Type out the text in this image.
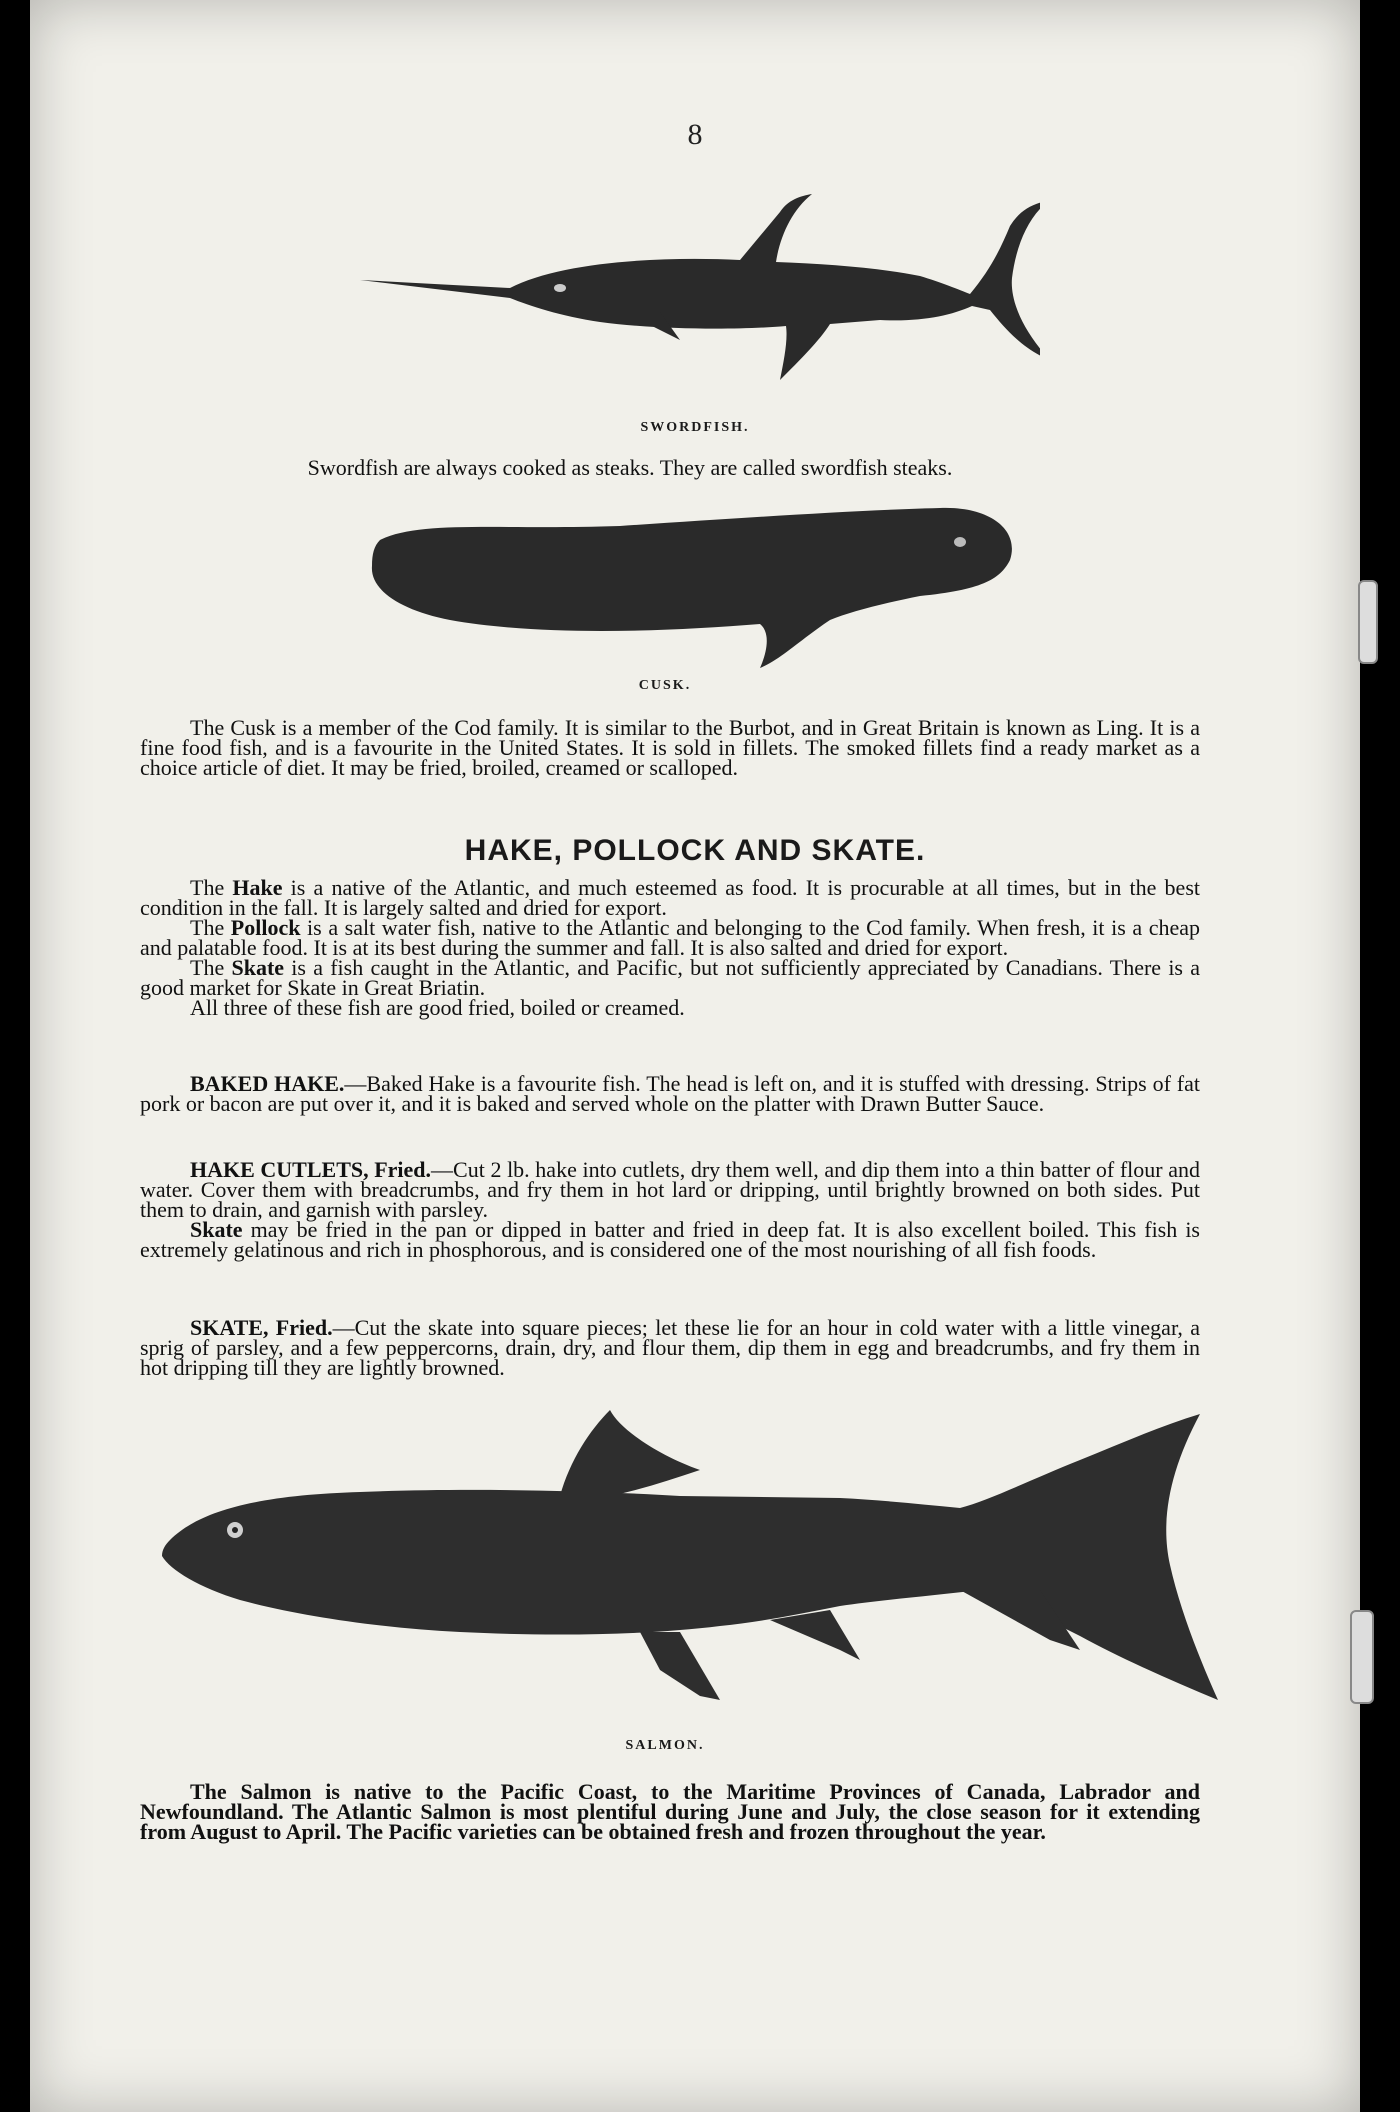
8
SWORDFISH.

Swordfish are always cooked as steaks. They are called swordfish steaks.

CUSK.

The Cusk is a member of the Cod family. It is similar to the Burbot, and in Great Britain is known as Ling. It is a fine food fish, and is a favourite in the United States. It is sold in fillets. The smoked fillets find a ready market as a choice article of diet. It may be fried, broiled, creamed or scalloped.

HAKE, POLLOCK AND SKATE.

The Hake is a native of the Atlantic, and much esteemed as food. It is procurable at all times, but in the best condition in the fall. It is largely salted and dried for export.

The Pollock is a salt water fish, native to the Atlantic and belonging to the Cod family. When fresh, it is a cheap and palatable food. It is at its best during the summer and fall. It is also salted and dried for export.

The Skate is a fish caught in the Atlantic, and Pacific, but not sufficiently appreciated by Canadians. There is a good market for Skate in Great Briatin.

All three of these fish are good fried, boiled or creamed.

BAKED HAKE.—Baked Hake is a favourite fish. The head is left on, and it is stuffed with dressing. Strips of fat pork or bacon are put over it, and it is baked and served whole on the platter with Drawn Butter Sauce.

HAKE CUTLETS, Fried.—Cut 2 lb. hake into cutlets, dry them well, and dip them into a thin batter of flour and water. Cover them with breadcrumbs, and fry them in hot lard or dripping, until brightly browned on both sides. Put them to drain, and garnish with parsley.

Skate may be fried in the pan or dipped in batter and fried in deep fat. It is also excellent boiled. This fish is extremely gelatinous and rich in phosphorous, and is considered one of the most nourishing of all fish foods.

SKATE, Fried.—Cut the skate into square pieces; let these lie for an hour in cold water with a little vinegar, a sprig of parsley, and a few peppercorns, drain, dry, and flour them, dip them in egg and breadcrumbs, and fry them in hot dripping till they are lightly browned.

SALMON.

The Salmon is native to the Pacific Coast, to the Maritime Provinces of Canada, Labrador and Newfoundland. The Atlantic Salmon is most plentiful during June and July, the close season for it extending from August to April. The Pacific varieties can be obtained fresh and frozen throughout the year.
